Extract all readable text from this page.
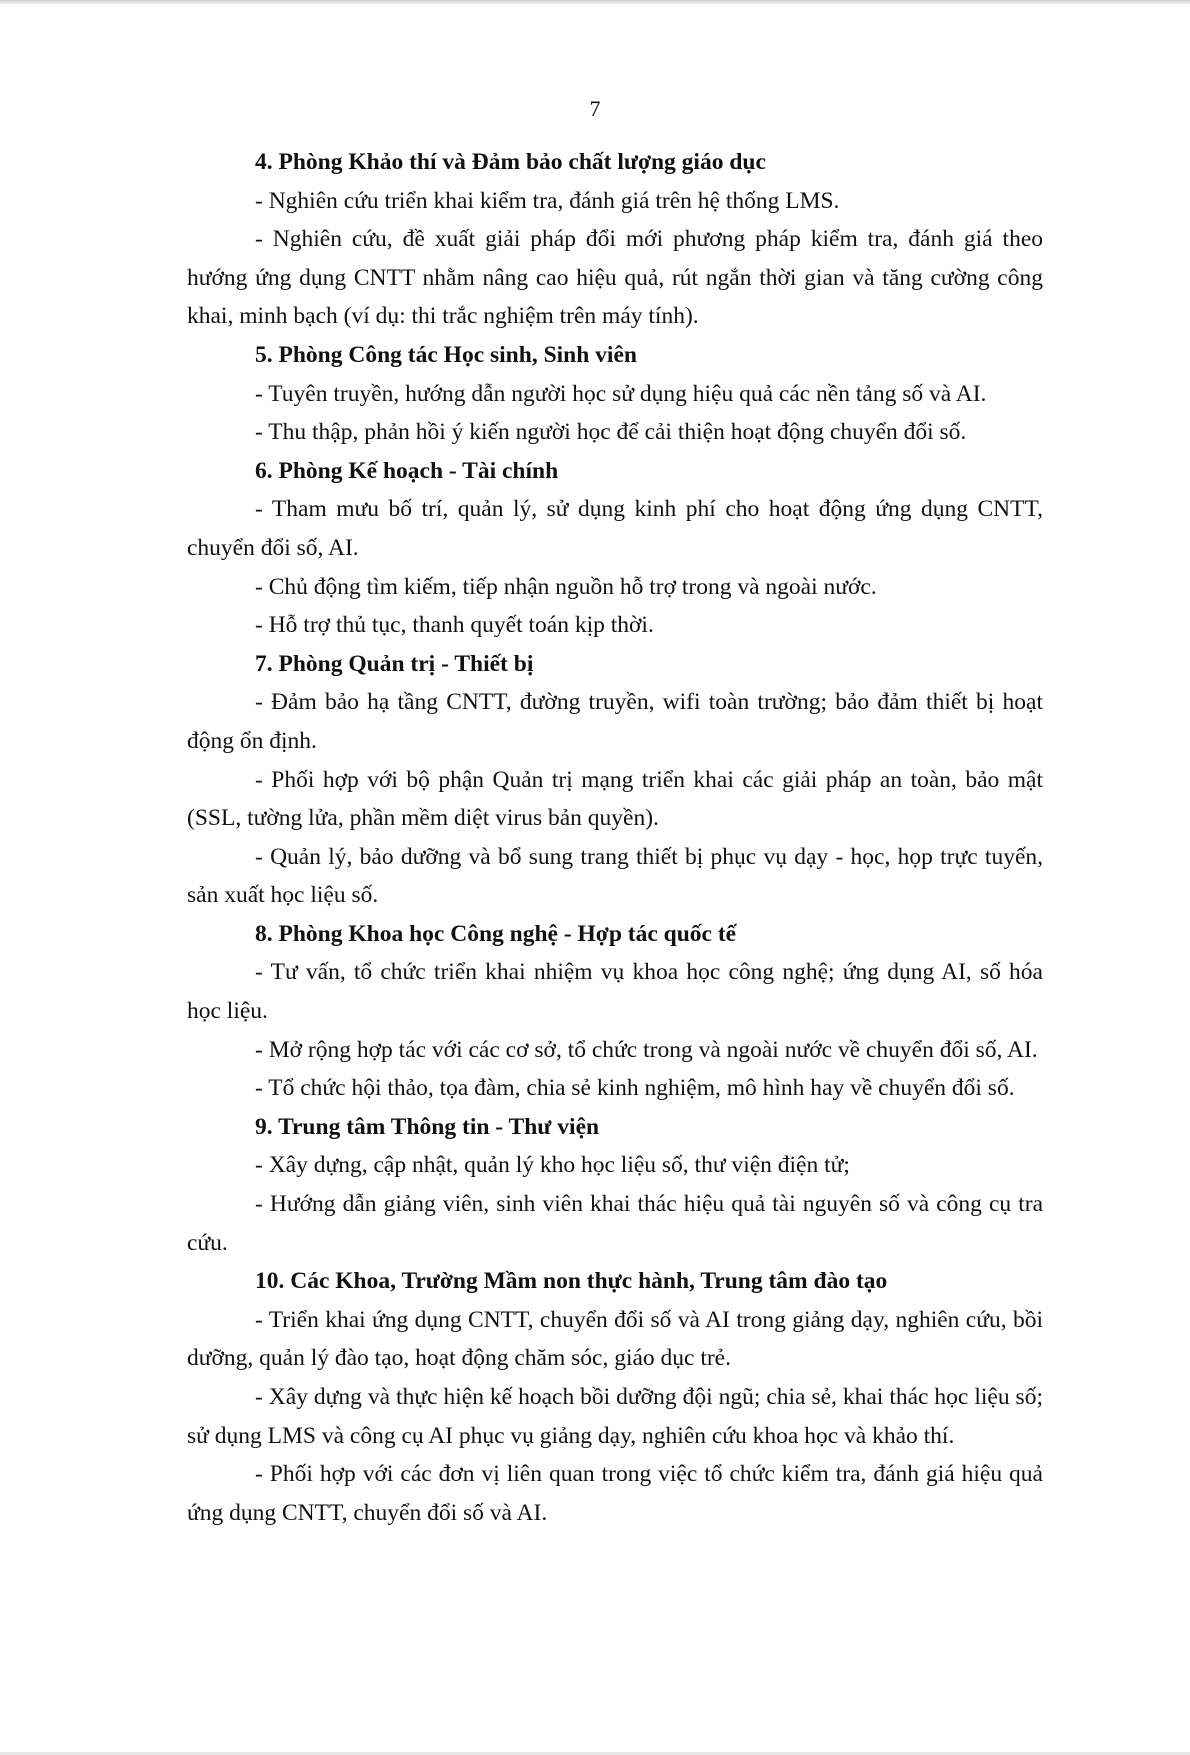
7

4. Phòng Khảo thí và Đảm bảo chất lượng giáo dục

- Nghiên cứu triển khai kiểm tra, đánh giá trên hệ thống LMS.

- Nghiên cứu, đề xuất giải pháp đổi mới phương pháp kiểm tra, đánh giá theo hướng ứng dụng CNTT nhằm nâng cao hiệu quả, rút ngắn thời gian và tăng cường công khai, minh bạch (ví dụ: thi trắc nghiệm trên máy tính).

5. Phòng Công tác Học sinh, Sinh viên

- Tuyên truyền, hướng dẫn người học sử dụng hiệu quả các nền tảng số và AI.

- Thu thập, phản hồi ý kiến người học để cải thiện hoạt động chuyển đổi số.

6. Phòng Kế hoạch - Tài chính

- Tham mưu bố trí, quản lý, sử dụng kinh phí cho hoạt động ứng dụng CNTT, chuyển đổi số, AI.

- Chủ động tìm kiếm, tiếp nhận nguồn hỗ trợ trong và ngoài nước.

- Hỗ trợ thủ tục, thanh quyết toán kịp thời.

7. Phòng Quản trị - Thiết bị

- Đảm bảo hạ tầng CNTT, đường truyền, wifi toàn trường; bảo đảm thiết bị hoạt động ổn định.

- Phối hợp với bộ phận Quản trị mạng triển khai các giải pháp an toàn, bảo mật (SSL, tường lửa, phần mềm diệt virus bản quyền).

- Quản lý, bảo dưỡng và bổ sung trang thiết bị phục vụ dạy - học, họp trực tuyến, sản xuất học liệu số.

8. Phòng Khoa học Công nghệ - Hợp tác quốc tế

- Tư vấn, tổ chức triển khai nhiệm vụ khoa học công nghệ; ứng dụng AI, số hóa học liệu.

- Mở rộng hợp tác với các cơ sở, tổ chức trong và ngoài nước về chuyển đổi số, AI.

- Tổ chức hội thảo, tọa đàm, chia sẻ kinh nghiệm, mô hình hay về chuyển đổi số.

9. Trung tâm Thông tin - Thư viện

- Xây dựng, cập nhật, quản lý kho học liệu số, thư viện điện tử;

- Hướng dẫn giảng viên, sinh viên khai thác hiệu quả tài nguyên số và công cụ tra cứu.

10. Các Khoa, Trường Mầm non thực hành, Trung tâm đào tạo

- Triển khai ứng dụng CNTT, chuyển đổi số và AI trong giảng dạy, nghiên cứu, bồi dưỡng, quản lý đào tạo, hoạt động chăm sóc, giáo dục trẻ.

- Xây dựng và thực hiện kế hoạch bồi dưỡng đội ngũ; chia sẻ, khai thác học liệu số; sử dụng LMS và công cụ AI phục vụ giảng dạy, nghiên cứu khoa học và khảo thí.

- Phối hợp với các đơn vị liên quan trong việc tổ chức kiểm tra, đánh giá hiệu quả ứng dụng CNTT, chuyển đổi số và AI.
